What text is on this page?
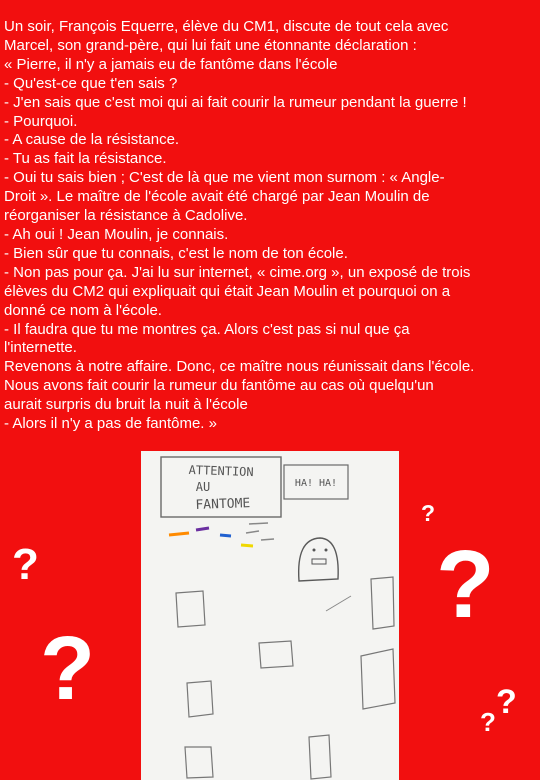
Un soir, François Equerre, élève du CM1, discute de tout cela avec

Marcel, son grand-père, qui lui fait une étonnante déclaration :

« Pierre, il n'y a jamais eu de fantôme dans l'école

- Qu'est-ce que t'en sais ?

- J'en sais que c'est moi qui ai fait courir la rumeur pendant la guerre !

- Pourquoi.

- A cause de la résistance.

- Tu as fait la résistance.

- Oui tu sais bien ; C'est de là que me vient mon surnom : « Angle-

Droit ». Le maître de l'école avait été chargé par Jean Moulin de

réorganiser la résistance à Cadolive.

- Ah oui ! Jean Moulin, je connais.

- Bien sûr que tu connais, c'est le nom de ton école.

- Non pas pour ça. J'ai lu sur internet, « cime.org », un exposé de trois

élèves du CM2 qui expliquait qui était Jean Moulin et pourquoi on a

donné ce nom à l'école.

- Il faudra que tu me montres ça. Alors c'est pas si nul que ça

l'internette.

Revenons à notre affaire. Donc, ce maître nous réunissait dans l'école.

Nous avons fait courir la rumeur du fantôme au cas où quelqu'un

aurait surpris du bruit la nuit à l'école

- Alors il n'y a pas de fantôme. »

ATTENTION
AU
FANTOME
HA! HA!
?
?	?
?	?
?
